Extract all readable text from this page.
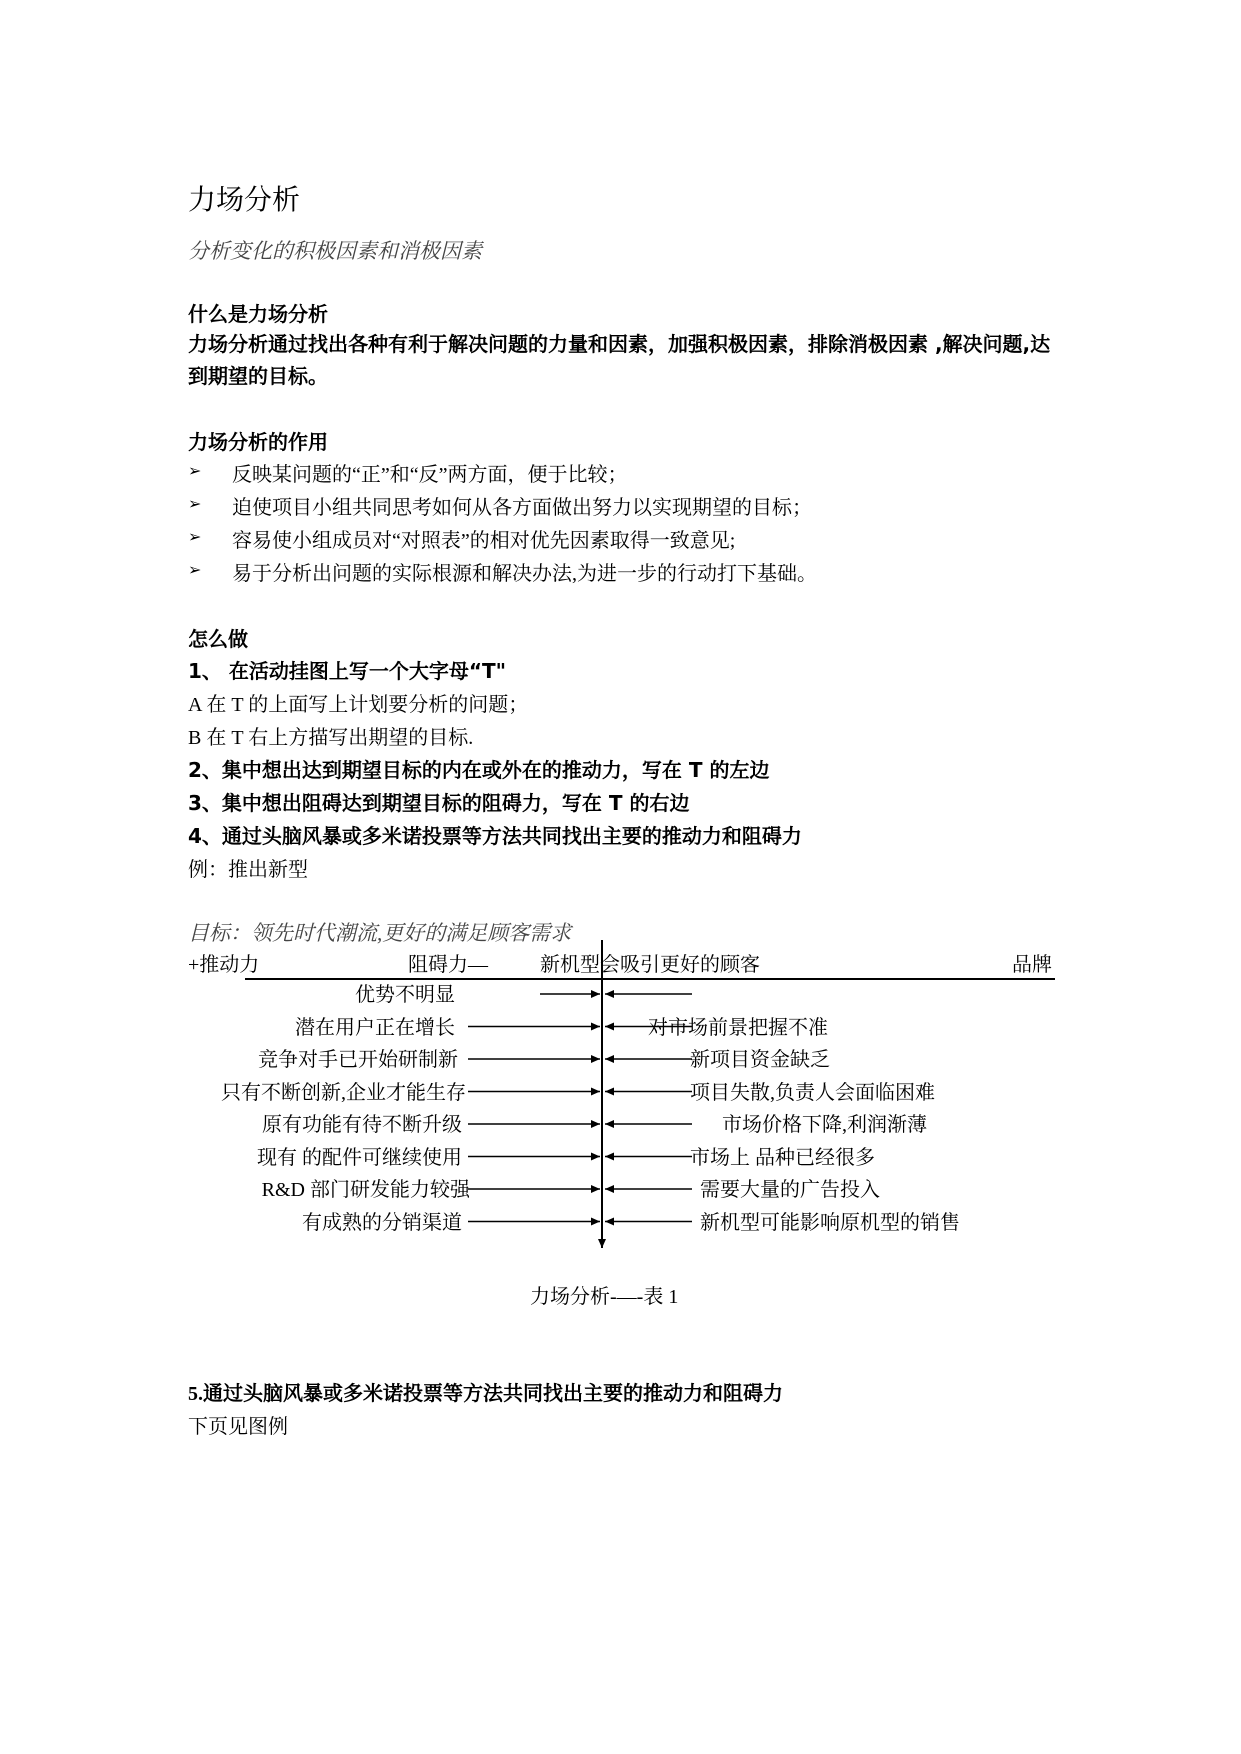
力场分析
分析变化的积极因素和消极因素
什么是力场分析
力场分析通过找出各种有利于解决问题的力量和因素，加强积极因素，排除消极因素 ,解决问题,达到期望的目标。
力场分析的作用
➢	反映某问题的“正”和“反”两方面，便于比较；
➢	迫使项目小组共同思考如何从各方面做出努力以实现期望的目标；
➢	容易使小组成员对“对照表”的相对优先因素取得一致意见;
➢	易于分析出问题的实际根源和解决办法,为进一步的行动打下基础。
怎么做
1、 在活动挂图上写一个大字母“T"
A 在 T 的上面写上计划要分析的问题；
B 在 T 右上方描写出期望的目标.
2、集中想出达到期望目标的内在或外在的推动力，写在 T 的左边
3、集中想出阻碍达到期望目标的阻碍力，写在 T 的右边
4、通过头脑风暴或多米诺投票等方法共同找出主要的推动力和阻碍力
例：推出新型
目标：领先时代潮流,更好的满足顾客需求
+推动力	阻碍力—	新机型会吸引更好的顾客	品牌
优势不明显
潜在用户正在增长	对市场前景把握不准
竞争对手已开始研制新	新项目资金缺乏
只有不断创新,企业才能生存	项目失散,负责人会面临困难
原有功能有待不断升级	市场价格下降,利润渐薄
现有 的配件可继续使用	市场上 品种已经很多
R&D 部门研发能力较强	需要大量的广告投入
有成熟的分销渠道	新机型可能影响原机型的销售
力场分析-—-表 1
5.通过头脑风暴或多米诺投票等方法共同找出主要的推动力和阻碍力
下页见图例
